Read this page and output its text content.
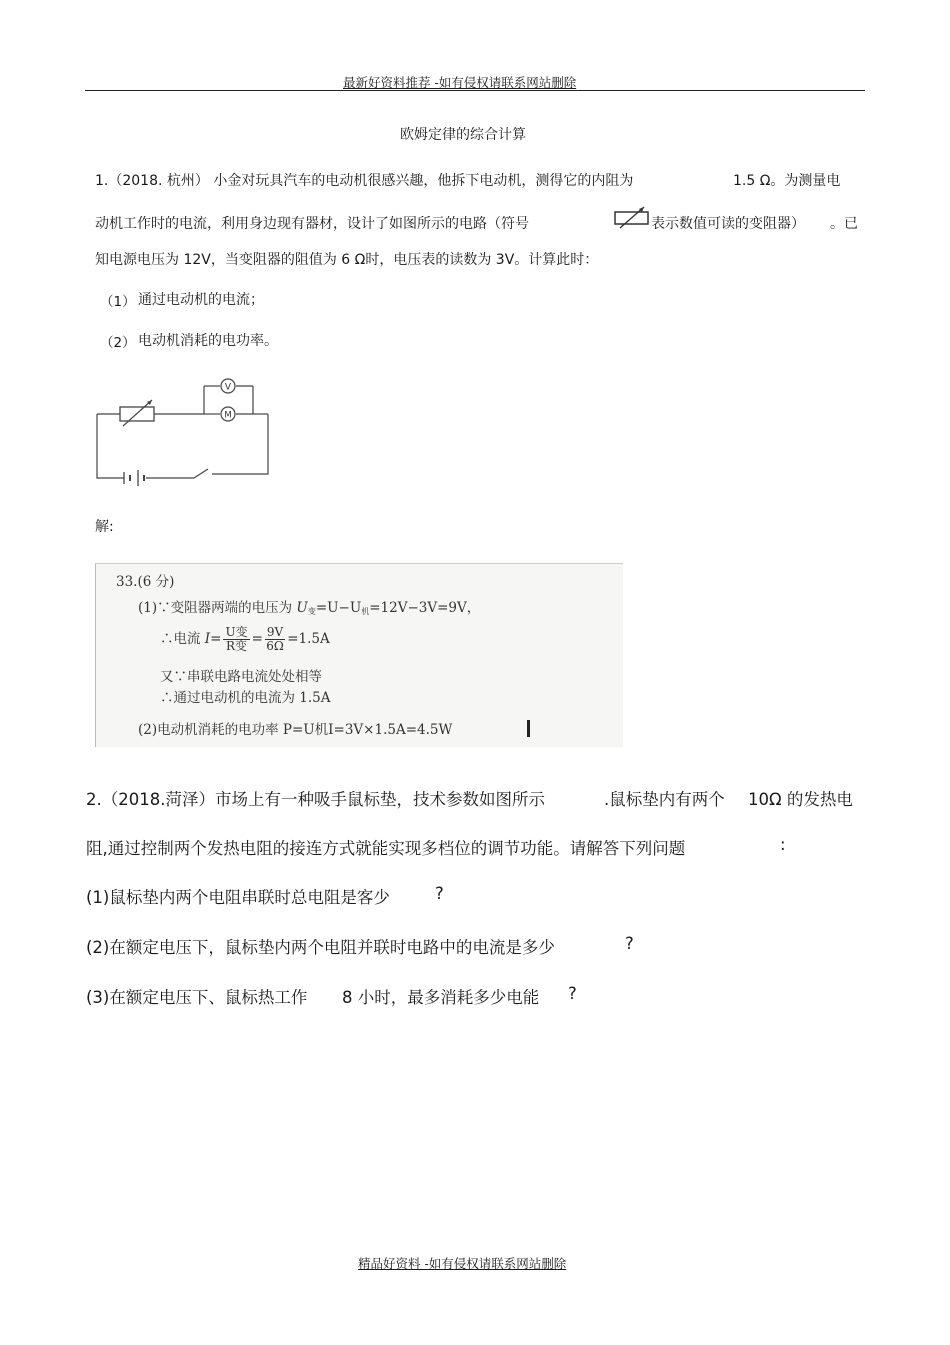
最新好资料推荐 -如有侵权请联系网站删除
欧姆定律的综合计算
1.（2018. 杭州） 小金对玩具汽车的电动机很感兴趣，他拆下电动机，测得它的内阻为	1.5 Ω。为测量电
动机工作时的电流，利用身边现有器材，设计了如图所示的电路（符号	表示数值可读的变阻器） 。已
知电源电压为 12V，当变阻器的阻值为 6 Ω时，电压表的读数为 3V。计算此时：
（1） 通过电动机的电流；
（2） 电动机消耗的电功率。
V
M
解:
33.(6 分)
(1)∵变阻器两端的电压为 $U_变=U-U_机=12V-3V=9V$，
∴电流 $I= \frac{\text{U变}}{\text{R变}} = \frac{9V}{6\Omega} =1.5A$
又∵串联电路电流处处相等
∴通过电动机的电流为 1.5A
(2)电动机消耗的电功率 P=U机I=3V×1.5A=4.5W
2.（2018.菏泽）市场上有一种吸手鼠标垫，技术参数如图所示	.鼠标垫内有两个 10Ω 的发热电
阻,通过控制两个发热电阻的接连方式就能实现多档位的调节功能。请解答下列问题	:
(1)鼠标垫内两个电阻串联时总电阻是客少	?
(2)在额定电压下，鼠标垫内两个电阻并联时电路中的电流是多少	?
(3)在额定电压下、鼠标热工作 8 小时，最多消耗多少电能 ?
精品好资料 -如有侵权请联系网站删除
